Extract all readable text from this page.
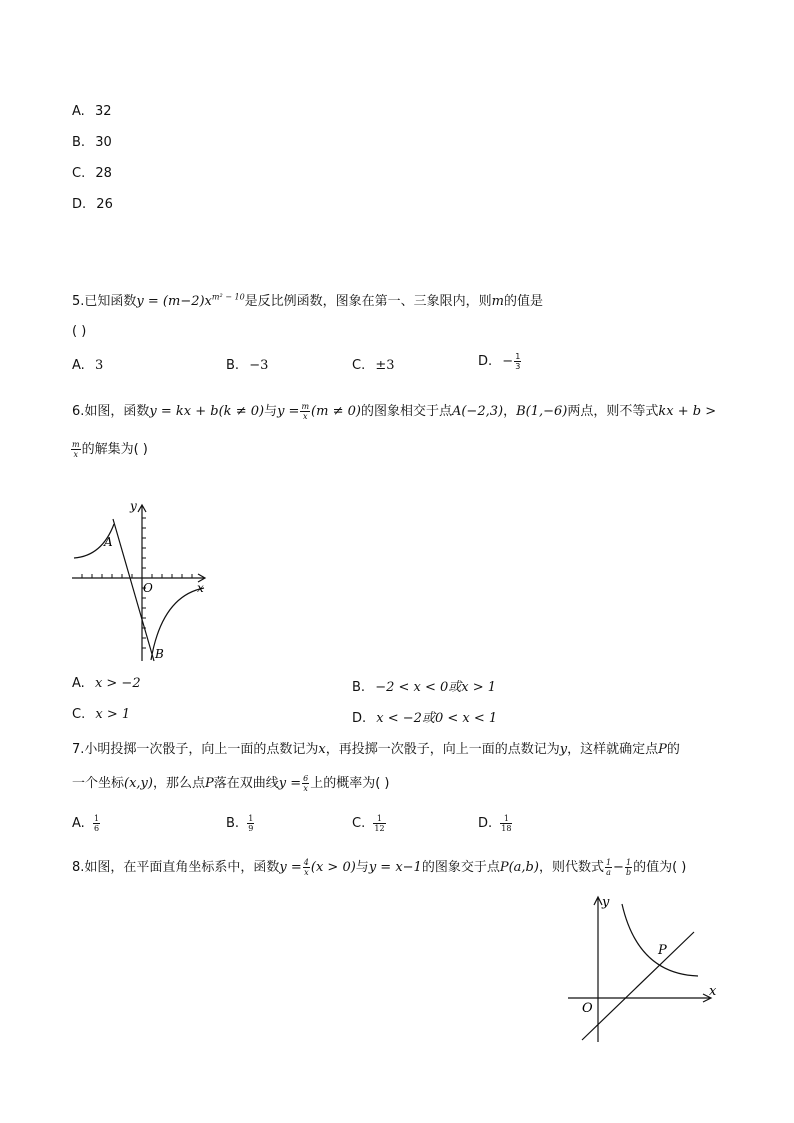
A. 32
B. 30
C. 28
D. 26
5.已知函数$y = (m-2)x^{m^2 - 10}$是反比例函数，图象在第一、三象限内，则m的值是
( )
A. 3	B. −3	C. ±3	D. − $\frac{1}{3}$
6.如图，函数y = kx + b(k ≠ 0)与$y = \frac{m}{x} (m \ne 0)$的图象相交于点A(−2,3)，B(1,−6)两点，则不等式kx + b >
$\frac{m}{x}$ 的解集为( )
y
x
O
A
B
A. x > −2	B. −2 < x < 0或x > 1
C. x > 1	D. x < −2或0 < x < 1
7.小明投掷一次骰子，向上一面的点数记为x，再投掷一次骰子，向上一面的点数记为y，这样就确定点P的
一个坐标(x,y)，那么点P落在双曲线$y = \frac{6}{x}$ 上的概率为( )
A. $\frac{1}{6}$	B. $\frac{1}{9}$	C. $\frac{1}{12}$	D. $\frac{1}{18}$
8.如图，在平面直角坐标系中，函数$y = \frac{4}{x} (x > 0)$与y = x−1的图象交于点P(a,b)，则代数式 $\frac{1}{a} - \frac{1}{b}$ 的值为( )
y
x
O
P
